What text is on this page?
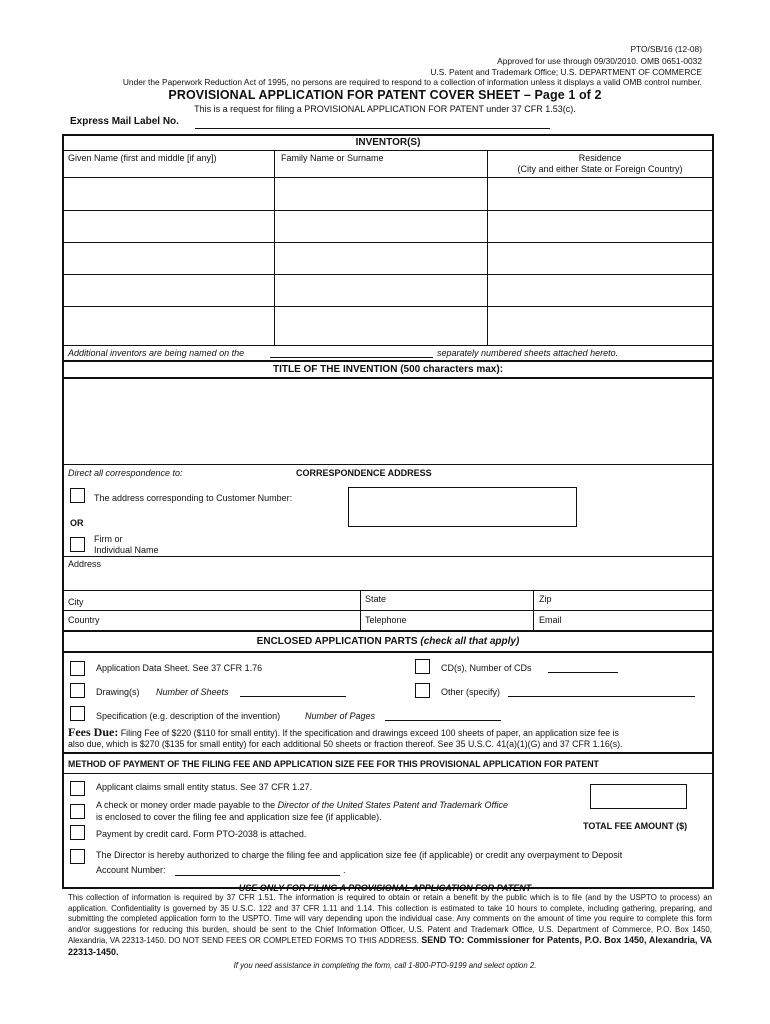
PTO/SB/16 (12-08)
Approved for use through 09/30/2010. OMB 0651-0032
U.S. Patent and Trademark Office; U.S. DEPARTMENT OF COMMERCE
Under the Paperwork Reduction Act of 1995, no persons are required to respond to a collection of information unless it displays a valid OMB control number.
PROVISIONAL APPLICATION FOR PATENT COVER SHEET – Page 1 of 2
This is a request for filing a PROVISIONAL APPLICATION FOR PATENT under 37 CFR 1.53(c).
Express Mail Label No.
INVENTOR(S)
Given Name (first and middle [if any])	Family Name or Surname	Residence
(City and either State or Foreign Country)
Additional inventors are being named on the	separately numbered sheets attached hereto.
TITLE OF THE INVENTION (500 characters max):
Direct all correspondence to:	CORRESPONDENCE ADDRESS
The address corresponding to Customer Number:
OR
Firm or
Individual Name
Address
City	State	Zip
Country	Telephone	Email
ENCLOSED APPLICATION PARTS (check all that apply)
Application Data Sheet. See 37 CFR 1.76	CD(s), Number of CDs
Drawing(s) Number of Sheets	Other (specify)
Specification (e.g. description of the invention)	Number of Pages
Fees Due: Filing Fee of $220 ($110 for small entity). If the specification and drawings exceed 100 sheets of paper, an application size fee is
also due, which is $270 ($135 for small entity) for each additional 50 sheets or fraction thereof. See 35 U.S.C. 41(a)(1)(G) and 37 CFR 1.16(s).
METHOD OF PAYMENT OF THE FILING FEE AND APPLICATION SIZE FEE FOR THIS PROVISIONAL APPLICATION FOR PATENT
Applicant claims small entity status. See 37 CFR 1.27.
A check or money order made payable to the Director of the United States Patent and Trademark Office
is enclosed to cover the filing fee and application size fee (if applicable).
Payment by credit card. Form PTO-2038 is attached.
TOTAL FEE AMOUNT ($)
The Director is hereby authorized to charge the filing fee and application size fee (if applicable) or credit any overpayment to Deposit
Account Number:	.
USE ONLY FOR FILING A PROVISIONAL APPLICATION FOR PATENT
This collection of information is required by 37 CFR 1.51. The information is required to obtain or retain a benefit by the public which is to file (and by the USPTO to process) an application. Confidentiality is governed by 35 U.S.C. 122 and 37 CFR 1.11 and 1.14. This collection is estimated to take 10 hours to complete, including gathering, preparing, and submitting the completed application form to the USPTO. Time will vary depending upon the individual case. Any comments on the amount of time you require to complete this form and/or suggestions for reducing this burden, should be sent to the Chief Information Officer, U.S. Patent and Trademark Office, U.S. Department of Commerce, P.O. Box 1450, Alexandria, VA 22313-1450. DO NOT SEND FEES OR COMPLETED FORMS TO THIS ADDRESS. SEND TO: Commissioner for Patents, P.O. Box 1450, Alexandria, VA 22313-1450.
If you need assistance in completing the form, call 1-800-PTO-9199 and select option 2.
